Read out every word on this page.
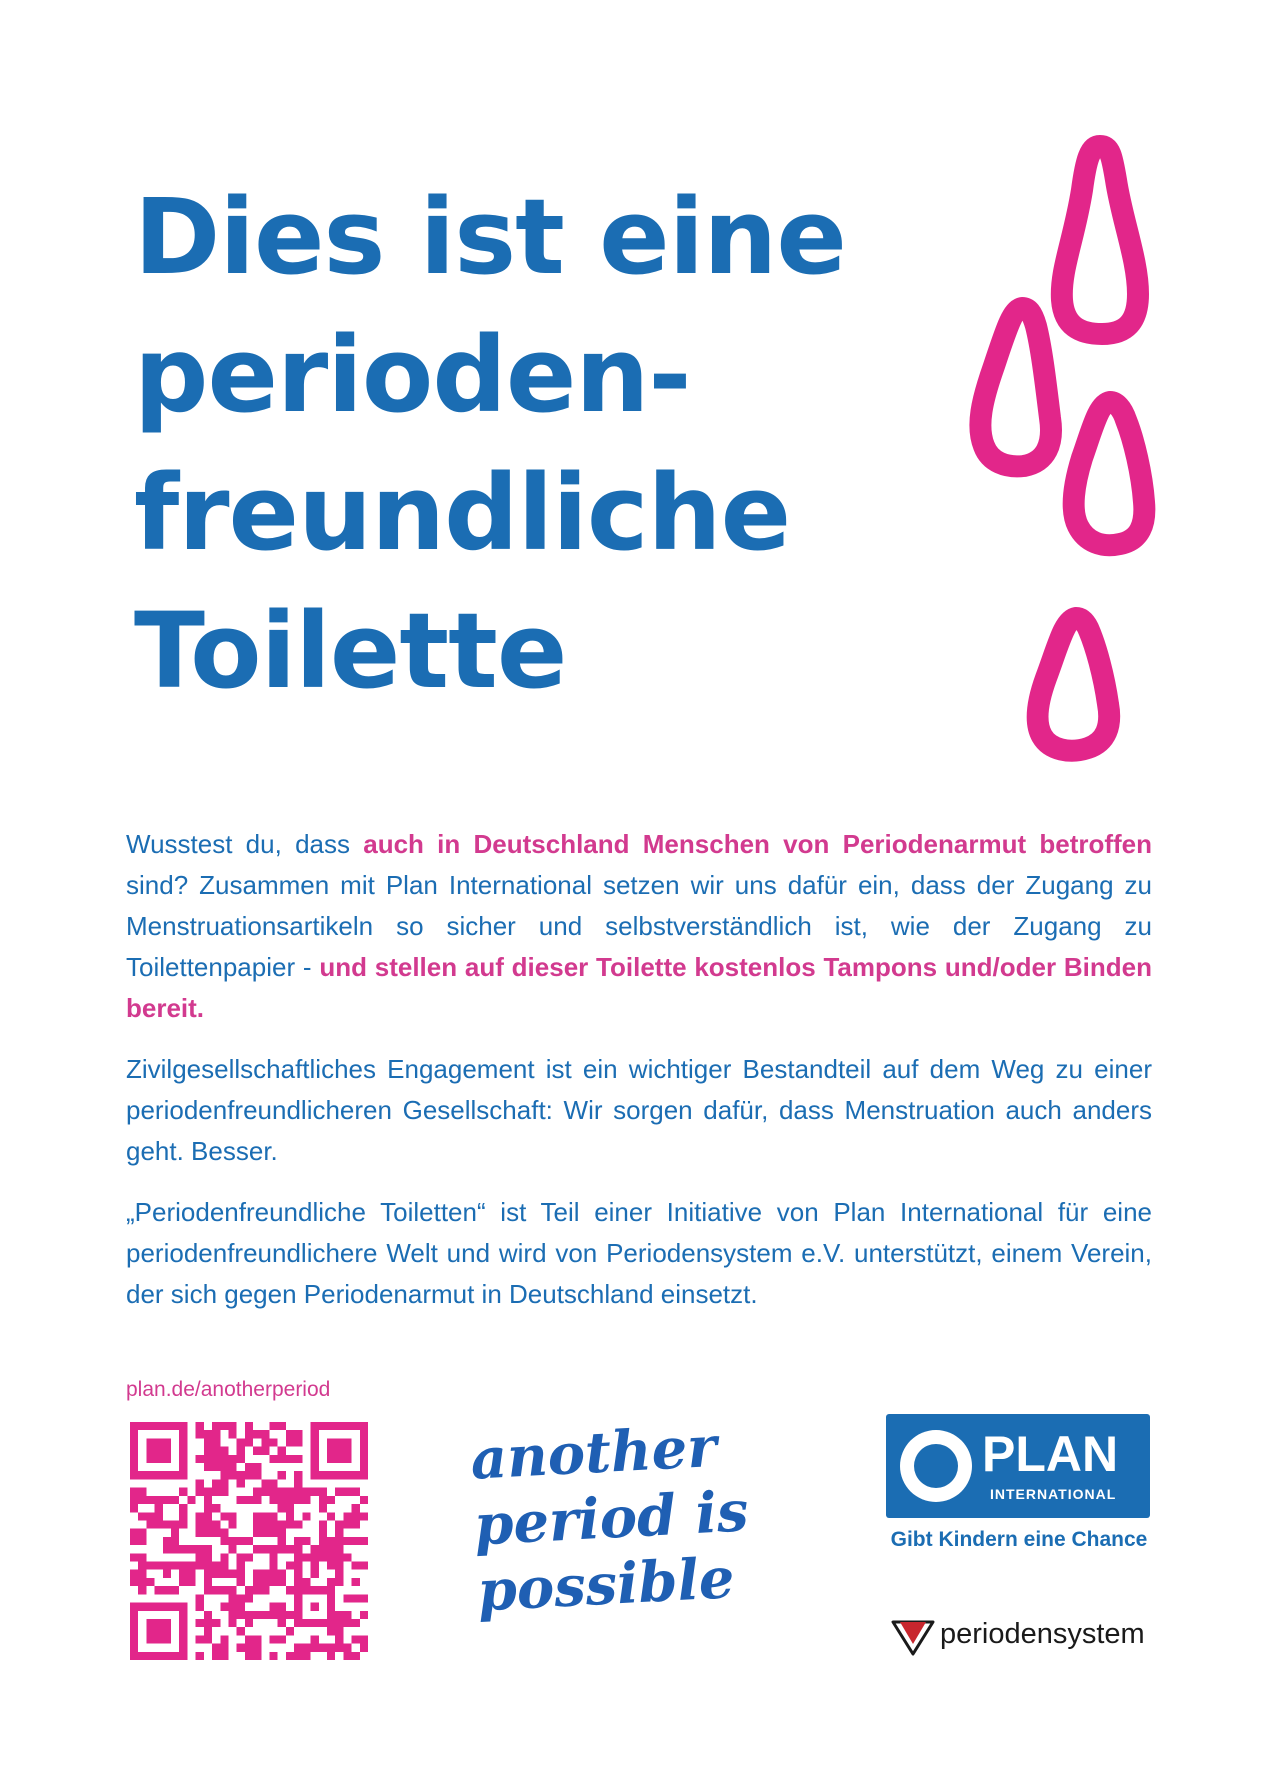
Dies ist eine
perioden-
freundliche
Toilette

Wusstest du, dass auch in Deutschland Menschen von Periodenarmut betroffen sind? Zusammen mit Plan International setzen wir uns dafür ein, dass der Zugang zu Menstruationsartikeln so sicher und selbstverständlich ist, wie der Zugang zu Toilettenpapier - und stellen auf dieser Toilette kostenlos Tampons und/oder Binden bereit.

Zivilgesellschaftliches Engagement ist ein wichtiger Bestandteil auf dem Weg zu einer periodenfreundlicheren Gesellschaft: Wir sorgen dafür, dass Menstruation auch anders geht. Besser.

„Periodenfreundliche Toiletten“ ist Teil einer Initiative von Plan International für eine periodenfreundlichere Welt und wird von Periodensystem e.V. unterstützt, einem Verein, der sich gegen Periodenarmut in Deutschland einsetzt.

plan.de/anotherperiod
another
period is
possible
PLAN
INTERNATIONAL
Gibt Kindern eine Chance
periodensystem
